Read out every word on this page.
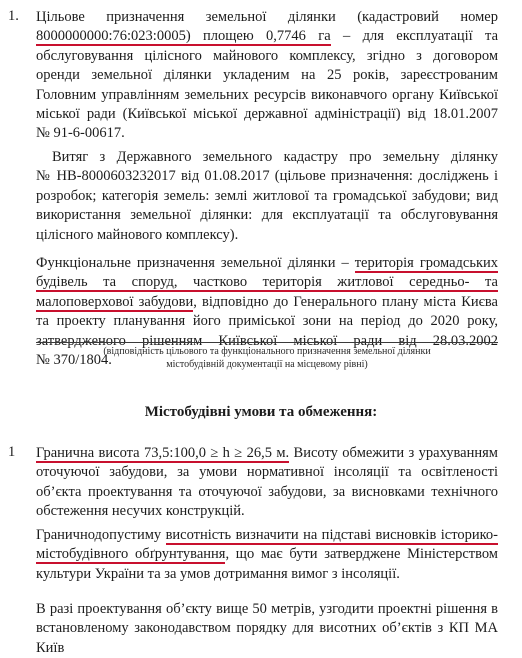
1. Цільове призначення земельної ділянки (кадастровий номер
8000000000:76:023:0005) площею 0,7746 га – для експлуатації та
обслуговування цілісного майнового комплексу, згідно з договором
оренди земельної ділянки укладеним на 25 років, зареєстрованим
Головним управлінням земельних ресурсів виконавчого органу Київської
міської ради (Київської міської державної адміністрації) від 18.01.2007
№ 91-6-00617.
Витяг з Державного земельного кадастру про земельну ділянку
№ НВ-8000603232017 від 01.08.2017 (цільове призначення: досліджень і
розробок; категорія земель: землі житлової та громадської забудови; вид
використання земельної ділянки: для експлуатації та обслуговування
цілісного майнового комплексу).
Функціональне призначення земельної ділянки – територія громадських
будівель та споруд, частково територія житлової середньо- та
малоповерхової забудови, відповідно до Генерального плану міста Києва
та проекту планування його приміської зони на період до 2020 року,
затвердженого рішенням Київської міської ради від 28.03.2002
№ 370/1804.
(відповідність цільового та функціонального призначення земельної ділянки
містобудівній документації на місцевому рівні)
Містобудівні умови та обмеження:
1 Гранична висота 73,5:100,0 ≥ h ≥ 26,5 м. Висоту обмежити з урахуванням
оточуючої забудови, за умови нормативної інсоляції та освітленості
об’єкта проектування та оточуючої забудови, за висновками технічного
обстеження несучих конструкцій.
Граничнодопустиму висотність визначити на підставі висновків історико-
містобудівного обґрунтування, що має бути затверджене Міністерством
культури України та за умов дотримання вимог з інсоляції.
В разі проектування об’єкту вище 50 метрів, узгодити проектні рішення в
встановленому законодавством порядку для висотних об’єктів з КП МА Київ
